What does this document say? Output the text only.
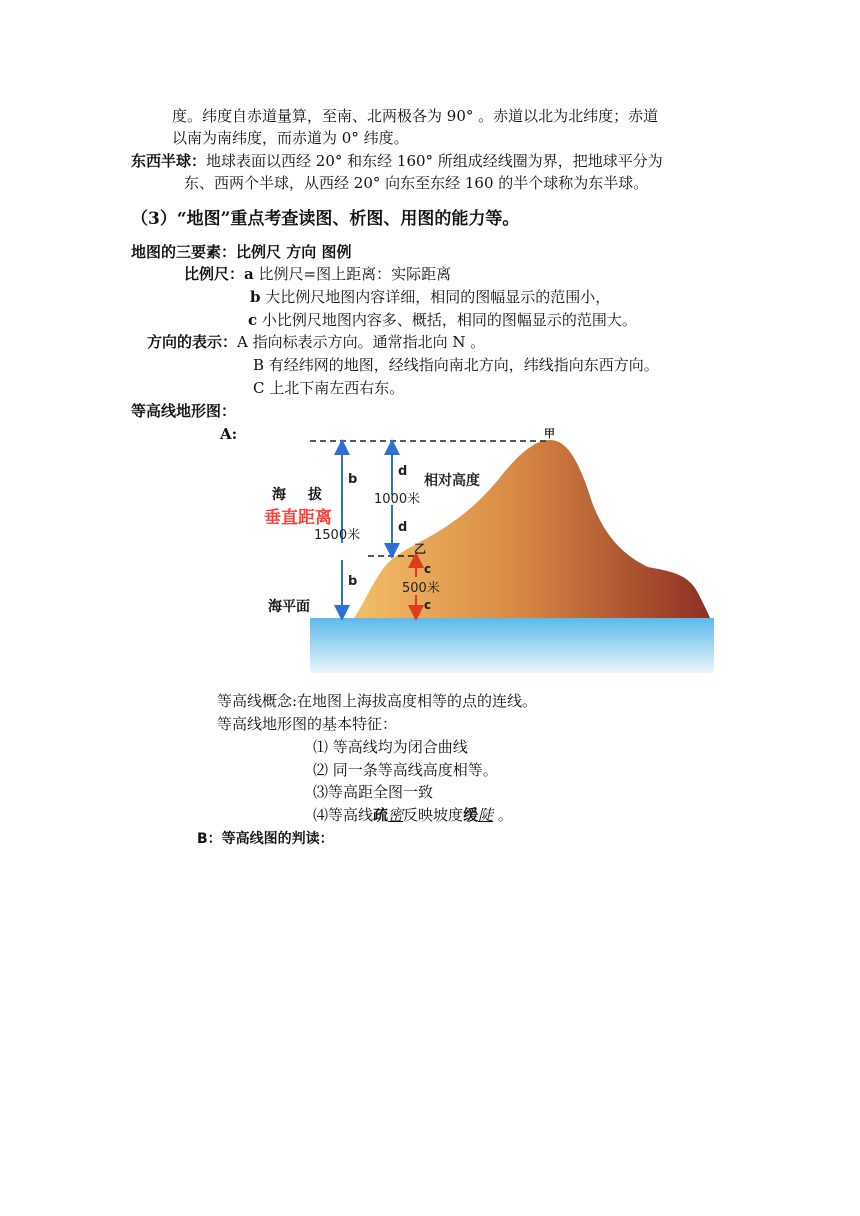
度。纬度自赤道量算，至南、北两极各为 90° 。赤道以北为北纬度；赤道
以南为南纬度，而赤道为 0° 纬度。
东西半球：地球表面以西经 20° 和东经 160° 所组成经线圈为界，把地球平分为
东、西两个半球，从西经 20° 向东至东经 160 的半个球称为东半球。
（3）“地图”重点考查读图、析图、用图的能力等。
地图的三要素：比例尺 方向 图例
比例尺：a 比例尺=图上距离：实际距离
b 大比例尺地图内容详细，相同的图幅显示的范围小，
c 小比例尺地图内容多、概括，相同的图幅显示的范围大。
方向的表示：A 指向标表示方向。通常指北向 N 。
B 有经纬网的地图，经线指向南北方向，纬线指向东西方向。
C 上北下南左西右东。
等高线地形图：
A:	甲
乙
海 拔
垂直距离
1500米
b
b
d
d
1000米
相对高度
c
500米
c
海平面
等高线概念:在地图上海拔高度相等的点的连线。
等高线地形图的基本特征：
⑴ 等高线均为闭合曲线
⑵ 同一条等高线高度相等。
⑶等高距全图一致
⑷等高线疏密反映坡度缓陡 。
B：等高线图的判读：
